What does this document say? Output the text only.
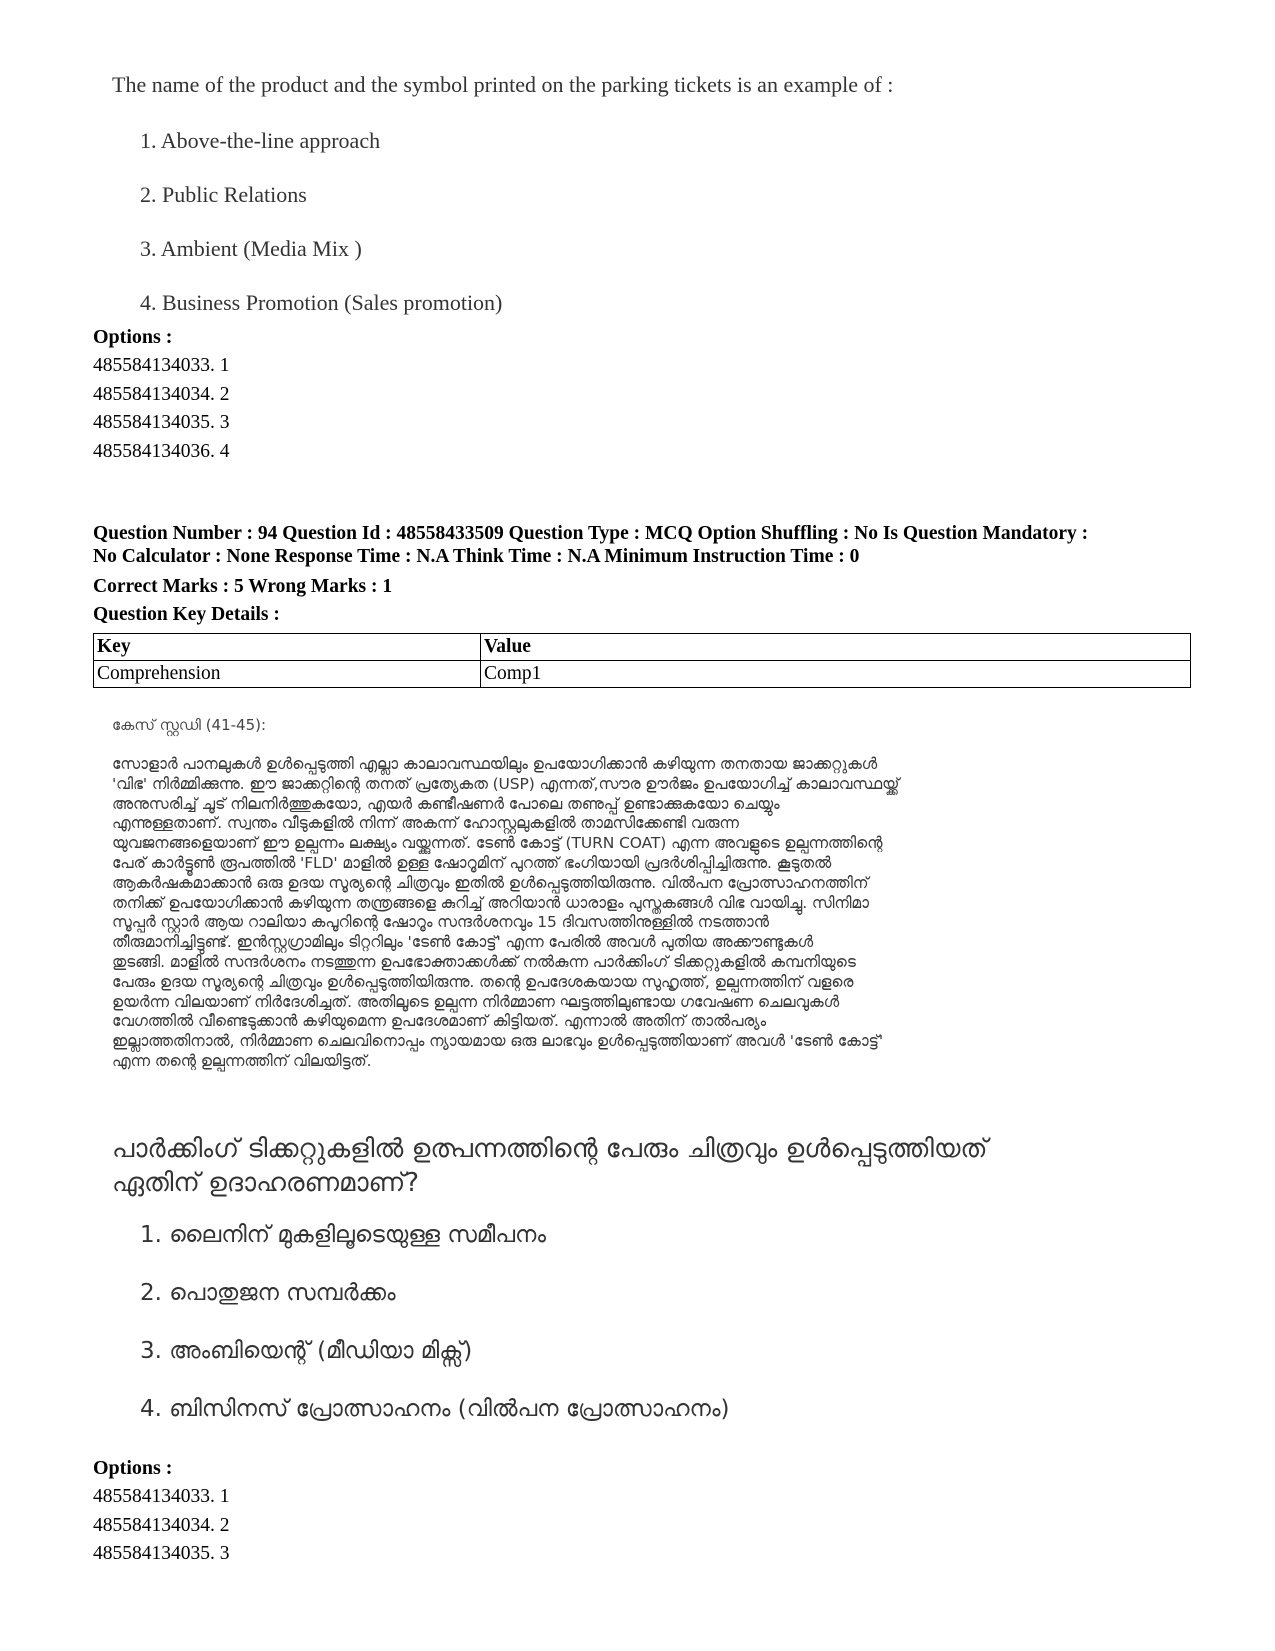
The name of the product and the symbol printed on the parking tickets is an example of :
1. Above-the-line approach
2. Public Relations
3. Ambient (Media Mix )
4. Business Promotion (Sales promotion)
Options :
485584134033. 1
485584134034. 2
485584134035. 3
485584134036. 4
Question Number : 94 Question Id : 48558433509 Question Type : MCQ Option Shuffling : No Is Question Mandatory :
No Calculator : None Response Time : N.A Think Time : N.A Minimum Instruction Time : 0
Correct Marks : 5 Wrong Marks : 1
Question Key Details :
Key	Value
Comprehension	Comp1
കേസ് സ്റ്റഡി (41-45):
സോളാർ പാനലുകൾ ഉൾപ്പെടുത്തി എല്ലാ കാലാവസ്ഥയിലും ഉപയോഗിക്കാൻ കഴിയുന്ന തനതായ ജാക്കറ്റുകൾ
'വിഭ' നിർമ്മിക്കുന്നു. ഈ ജാക്കറ്റിന്റെ തനത് പ്രത്യേകത (USP) എന്നത്,സൗര ഊർജം ഉപയോഗിച്ച് കാലാവസ്ഥയ്ക്ക്
അനുസരിച്ച് ചൂട് നിലനിർത്തുകയോ, എയർ കണ്ടീഷണർ പോലെ തണുപ്പ് ഉണ്ടാക്കുകയോ ചെയ്യും
എന്നുള്ളതാണ്. സ്വന്തം വീടുകളിൽ നിന്ന് അകന്ന് ഹോസ്റ്റലുകളിൽ താമസിക്കേണ്ടി വരുന്ന
യുവജനങ്ങളെയാണ് ഈ ഉല്പന്നം ലക്ഷ്യം വയ്ക്കുന്നത്. ടേൺ കോട്ട് (TURN COAT) എന്ന അവളുടെ ഉല്പന്നത്തിന്റെ
പേര് കാർട്ടൂൺ രൂപത്തിൽ 'FLD' മാളിൽ ഉള്ള ഷോറൂമിന് പുറത്ത് ഭംഗിയായി പ്രദർശിപ്പിച്ചിരുന്നു. കൂടുതൽ
ആകർഷകമാക്കാൻ ഒരു ഉദയ സൂര്യന്റെ ചിത്രവും ഇതിൽ ഉൾപ്പെടുത്തിയിരുന്നു. വിൽപന പ്രോത്സാഹനത്തിന്
തനിക്ക് ഉപയോഗിക്കാൻ കഴിയുന്ന തന്ത്രങ്ങളെ കുറിച്ച് അറിയാൻ ധാരാളം പുസ്തകങ്ങൾ വിഭ വായിച്ചു. സിനിമാ
സൂപ്പർ സ്റ്റാർ ആയ റാലിയാ കപൂറിന്റെ ഷോറൂം സന്ദർശനവും 15 ദിവസത്തിനുള്ളിൽ നടത്താൻ
തീരുമാനിച്ചിട്ടുണ്ട്. ഇൻസ്റ്റഗ്രാമിലും ടിറ്ററിലും 'ടേൺ കോട്ട്' എന്ന പേരിൽ അവൾ പുതിയ അക്കൗണ്ടുകൾ
തുടങ്ങി. മാളിൽ സന്ദർശനം നടത്തുന്ന ഉപഭോക്താക്കൾക്ക് നൽകുന്ന പാർക്കിംഗ് ടിക്കറ്റുകളിൽ കമ്പനിയുടെ
പേരും ഉദയ സൂര്യന്റെ ചിത്രവും ഉൾപ്പെടുത്തിയിരുന്നു. തന്റെ ഉപദേശകയായ സുഹൃത്ത്, ഉല്പന്നത്തിന് വളരെ
ഉയർന്ന വിലയാണ് നിർദേശിച്ചത്. അതിലൂടെ ഉല്പന്ന നിർമ്മാണ ഘട്ടത്തിലുണ്ടായ ഗവേഷണ ചെലവുകൾ
വേഗത്തിൽ വീണ്ടെടുക്കാൻ കഴിയുമെന്ന ഉപദേശമാണ് കിട്ടിയത്. എന്നാൽ അതിന് താൽപര്യം
ഇല്ലാത്തതിനാൽ, നിർമ്മാണ ചെലവിനൊപ്പം ന്യായമായ ഒരു ലാഭവും ഉൾപ്പെടുത്തിയാണ് അവൾ 'ടേൺ കോട്ട്'
എന്ന തന്റെ ഉല്പന്നത്തിന് വിലയിട്ടത്.
പാർക്കിംഗ് ടിക്കറ്റുകളിൽ ഉത്പന്നത്തിന്റെ പേരും ചിത്രവും ഉൾപ്പെടുത്തിയത്
ഏതിന് ഉദാഹരണമാണ്?
1. ലൈനിന് മുകളിലൂടെയുള്ള സമീപനം
2. പൊതുജന സമ്പർക്കം
3. അംബിയെന്റ് (മീഡിയാ മിക്സ്)
4. ബിസിനസ് പ്രോത്സാഹനം (വിൽപന പ്രോത്സാഹനം)
Options :
485584134033. 1
485584134034. 2
485584134035. 3
